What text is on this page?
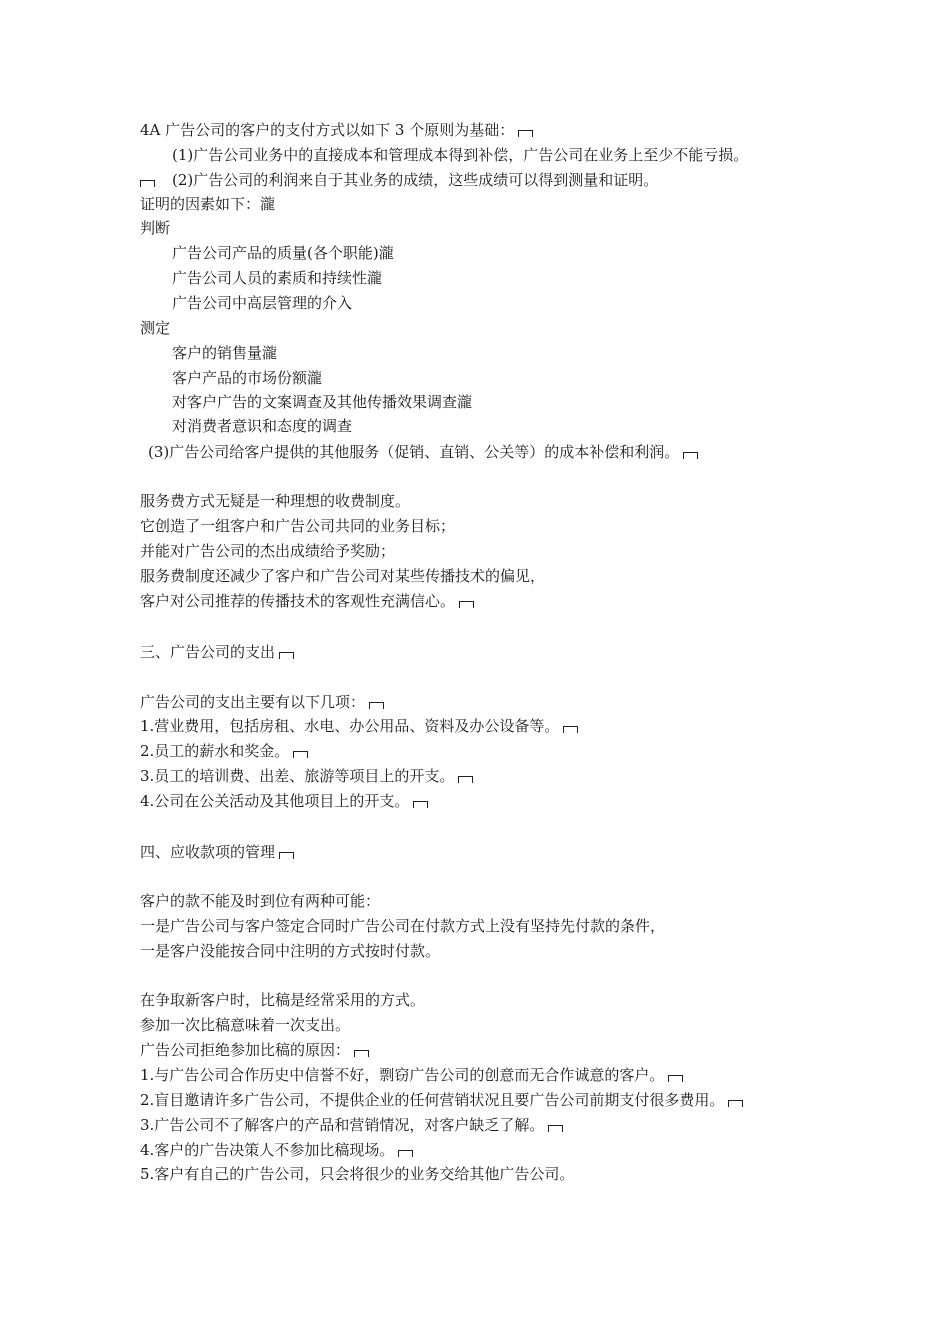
4A 广告公司的客户的支付方式以如下 3 个原则为基础：
(1)广告公司业务中的直接成本和管理成本得到补偿，广告公司在业务上至少不能亏损。
(2)广告公司的利润来自于其业务的成绩，这些成绩可以得到测量和证明。
证明的因素如下：瀧
判断
广告公司产品的质量(各个职能)瀧
广告公司人员的素质和持续性瀧
广告公司中高层管理的介入
测定
客户的销售量瀧
客户产品的市场份额瀧
对客户广告的文案调查及其他传播效果调查瀧
对消费者意识和态度的调查
(3)广告公司给客户提供的其他服务（促销、直销、公关等）的成本补偿和利润。
服务费方式无疑是一种理想的收费制度。
它创造了一组客户和广告公司共同的业务目标；
并能对广告公司的杰出成绩给予奖励；
服务费制度还减少了客户和广告公司对某些传播技术的偏见，
客户对公司推荐的传播技术的客观性充满信心。
三、广告公司的支出
广告公司的支出主要有以下几项：
1.营业费用，包括房租、水电、办公用品、资料及办公设备等。
2.员工的薪水和奖金。
3.员工的培训费、出差、旅游等项目上的开支。
4.公司在公关活动及其他项目上的开支。
四、应收款项的管理
客户的款不能及时到位有两种可能：
一是广告公司与客户签定合同时广告公司在付款方式上没有坚持先付款的条件，
一是客户没能按合同中注明的方式按时付款。
在争取新客户时，比稿是经常采用的方式。
参加一次比稿意味着一次支出。
广告公司拒绝参加比稿的原因：
1.与广告公司合作历史中信誉不好，剽窃广告公司的创意而无合作诚意的客户。
2.盲目邀请许多广告公司，不提供企业的任何营销状况且要广告公司前期支付很多费用。
3.广告公司不了解客户的产品和营销情况，对客户缺乏了解。
4.客户的广告决策人不参加比稿现场。
5.客户有自己的广告公司，只会将很少的业务交给其他广告公司。
